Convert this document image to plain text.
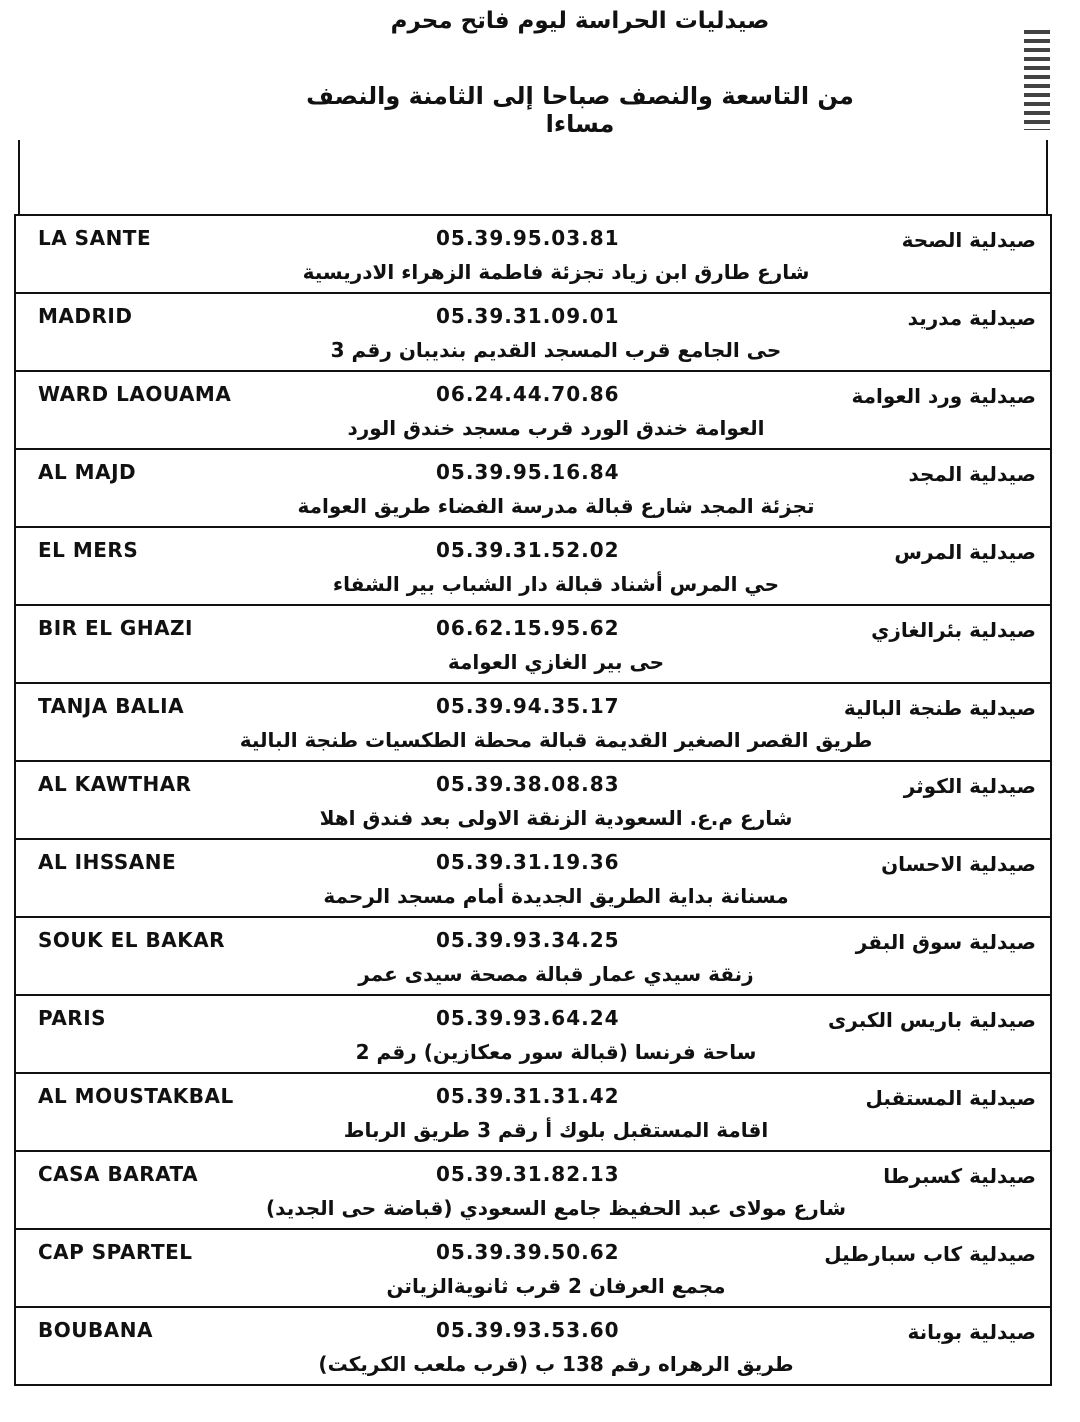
صيدليات الحراسة ليوم فاتح محرم
من التاسعة والنصف صباحا إلى الثامنة والنصف مساءا
LA SANTE	05.39.95.03.81	صيدلية الصحة
شارع طارق ابن زياد تجزئة فاطمة الزهراء الادريسية
MADRID	05.39.31.09.01	صيدلية مدريد
حى الجامع قرب المسجد القديم بنديبان رقم 3
WARD LAOUAMA	06.24.44.70.86	صيدلية ورد العوامة
العوامة خندق الورد قرب مسجد خندق الورد
AL MAJD	05.39.95.16.84	صيدلية المجد
تجزئة المجد شارع قبالة مدرسة الفضاء طريق العوامة
EL MERS	05.39.31.52.02	صيدلية المرس
حي المرس أشناد قبالة دار الشباب بير الشفاء
BIR EL GHAZI	06.62.15.95.62	صيدلية بئرالغازي
حى بير الغازي العوامة
TANJA BALIA	05.39.94.35.17	صيدلية طنجة البالية
طريق القصر الصغير القديمة قبالة محطة الطكسيات طنجة البالية
AL KAWTHAR	05.39.38.08.83	صيدلية الكوثر
شارع م.ع. السعودية الزنقة الاولى بعد فندق اهلا
AL IHSSANE	05.39.31.19.36	صيدلية الاحسان
مسنانة بداية الطريق الجديدة أمام مسجد الرحمة
SOUK EL BAKAR	05.39.93.34.25	صيدلية سوق البقر
زنقة سيدي عمار قبالة مصحة سيدى عمر
PARIS	05.39.93.64.24	صيدلية باريس الكبرى
ساحة فرنسا (قبالة سور معكازين) رقم 2
AL MOUSTAKBAL	05.39.31.31.42	صيدلية المستقبل
اقامة المستقبل بلوك أ رقم 3 طريق الرباط
CASA BARATA	05.39.31.82.13	صيدلية كسبرطا
شارع مولاى عبد الحفيظ جامع السعودي (قباضة حى الجديد)
CAP SPARTEL	05.39.39.50.62	صيدلية كاب سبارطيل
مجمع العرفان 2 قرب ثانويةالزياتن
BOUBANA	05.39.93.53.60	صيدلية بوبانة
طريق الرهراه رقم 138 ب (قرب ملعب الكريكت)
